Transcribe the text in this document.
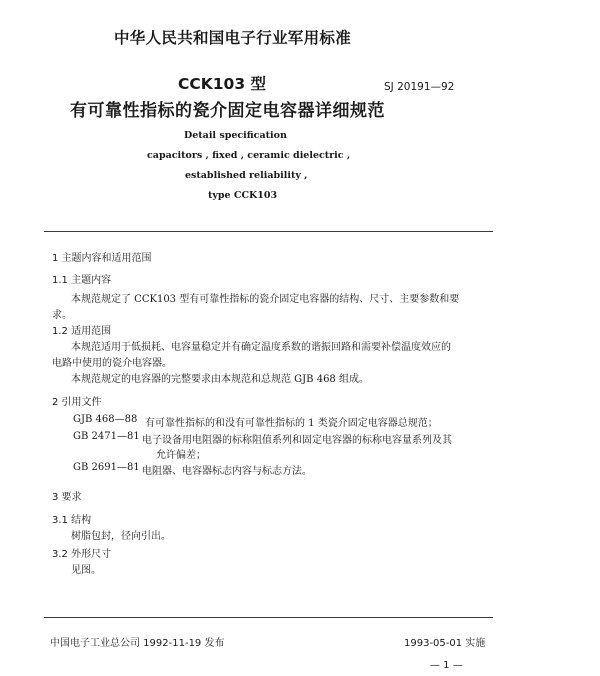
中华人民共和国电子行业军用标准
CCK103 型	SJ 20191—92
有可靠性指标的瓷介固定电容器详细规范
Detail specification
capacitors , fixed , ceramic dielectric ,
established reliability ,
type CCK103
1 主题内容和适用范围
1.1 主题内容
本规范规定了 CCK103 型有可靠性指标的瓷介固定电容器的结构、尺寸、主要参数和要
求。
1.2 适用范围
本规范适用于低损耗、电容量稳定并有确定温度系数的谐振回路和需要补偿温度效应的
电路中使用的瓷介电容器。
本规范规定的电容器的完整要求由本规范和总规范 GJB 468 组成。
2 引用文件
GJB 468—88 有可靠性指标的和没有可靠性指标的 1 类瓷介固定电容器总规范；
GB 2471—81 电子设备用电阻器的标称阻值系列和固定电容器的标称电容量系列及其
允许偏差；
GB 2691—81 电阻器、电容器标志内容与标志方法。
3 要求
3.1 结构
树脂包封，径向引出。
3.2 外形尺寸
见图。
中国电子工业总公司 1992-11-19 发布	1993-05-01 实施
— 1 —
